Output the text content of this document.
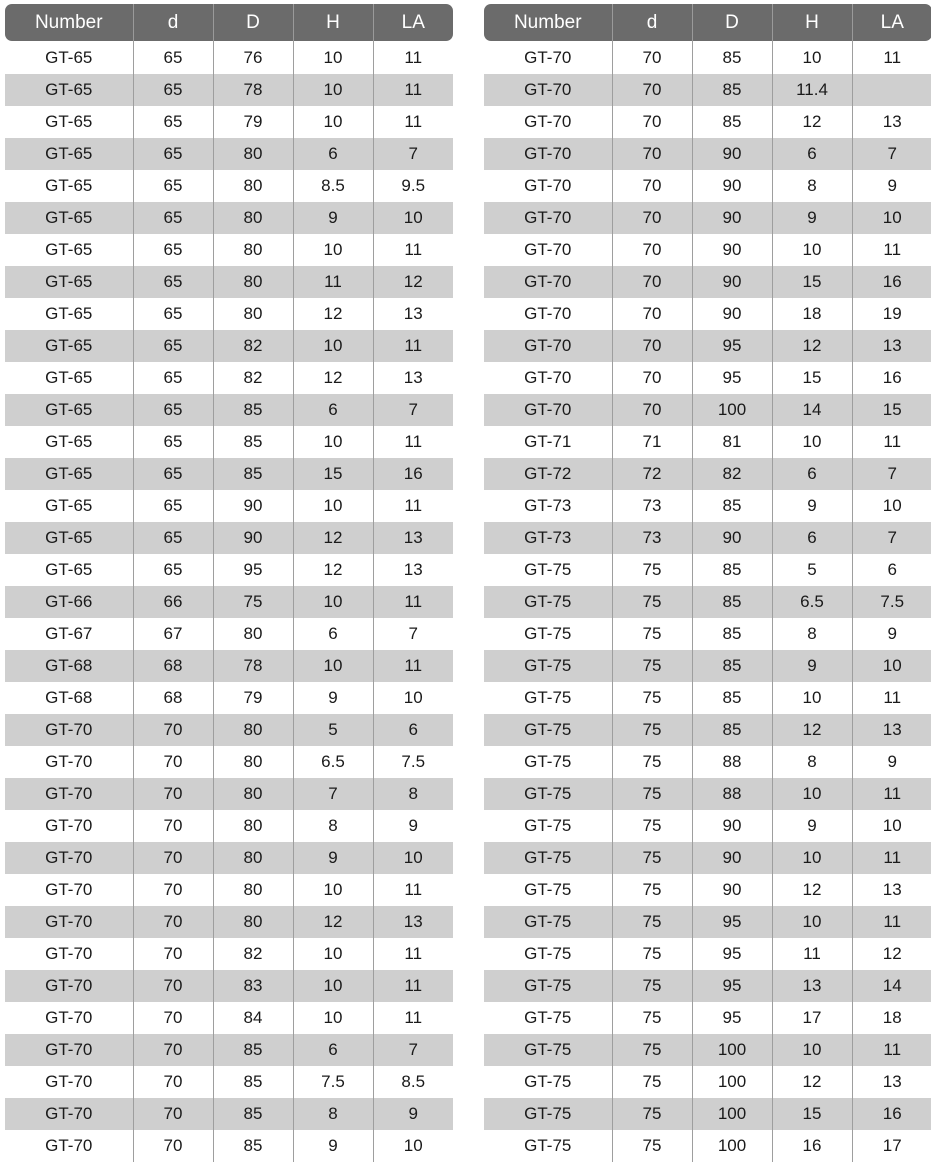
Number	d	D	H	LA
GT-65	65	76	10	11
GT-65	65	78	10	11
GT-65	65	79	10	11
GT-65	65	80	6	7
GT-65	65	80	8.5	9.5
GT-65	65	80	9	10
GT-65	65	80	10	11
GT-65	65	80	11	12
GT-65	65	80	12	13
GT-65	65	82	10	11
GT-65	65	82	12	13
GT-65	65	85	6	7
GT-65	65	85	10	11
GT-65	65	85	15	16
GT-65	65	90	10	11
GT-65	65	90	12	13
GT-65	65	95	12	13
GT-66	66	75	10	11
GT-67	67	80	6	7
GT-68	68	78	10	11
GT-68	68	79	9	10
GT-70	70	80	5	6
GT-70	70	80	6.5	7.5
GT-70	70	80	7	8
GT-70	70	80	8	9
GT-70	70	80	9	10
GT-70	70	80	10	11
GT-70	70	80	12	13
GT-70	70	82	10	11
GT-70	70	83	10	11
GT-70	70	84	10	11
GT-70	70	85	6	7
GT-70	70	85	7.5	8.5
GT-70	70	85	8	9
GT-70	70	85	9	10
Number	d	D	H	LA
GT-70	70	85	10	11
GT-70	70	85	11.4	
GT-70	70	85	12	13
GT-70	70	90	6	7
GT-70	70	90	8	9
GT-70	70	90	9	10
GT-70	70	90	10	11
GT-70	70	90	15	16
GT-70	70	90	18	19
GT-70	70	95	12	13
GT-70	70	95	15	16
GT-70	70	100	14	15
GT-71	71	81	10	11
GT-72	72	82	6	7
GT-73	73	85	9	10
GT-73	73	90	6	7
GT-75	75	85	5	6
GT-75	75	85	6.5	7.5
GT-75	75	85	8	9
GT-75	75	85	9	10
GT-75	75	85	10	11
GT-75	75	85	12	13
GT-75	75	88	8	9
GT-75	75	88	10	11
GT-75	75	90	9	10
GT-75	75	90	10	11
GT-75	75	90	12	13
GT-75	75	95	10	11
GT-75	75	95	11	12
GT-75	75	95	13	14
GT-75	75	95	17	18
GT-75	75	100	10	11
GT-75	75	100	12	13
GT-75	75	100	15	16
GT-75	75	100	16	17
